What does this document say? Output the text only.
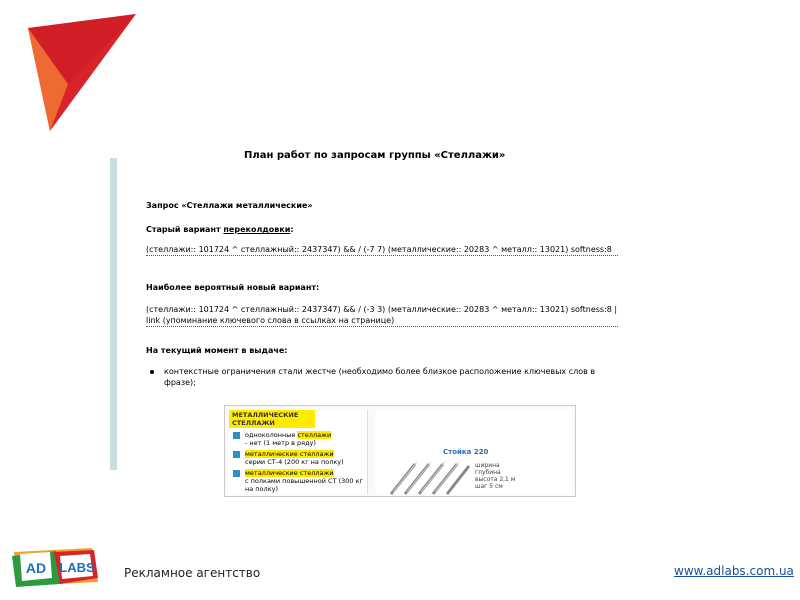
План работ по запросам группы «Стеллажи»
Запрос «Стеллажи металлические»
Старый вариант переколдовки:
(стеллажи:: 101724 ^ стеллажный:: 2437347) && / (-7 7) (металлические:: 20283 ^ металл:: 13021) softness:8
Наиболее вероятный новый вариант:
(стеллажи:: 101724 ^ стеллажный:: 2437347) && / (-3 3) (металлические:: 20283 ^ металл:: 13021) softness:8 | link (упоминание ключевого слова в ссылках на странице)
На текущий момент в выдаче:
контекстные ограничения стали жестче (необходимо более близкое расположение ключевых слов в фразе);
МЕТАЛЛИЧЕСКИЕ
СТЕЛЛАЖИ
одноколонные стеллажи
- нет (1 метр в ряду)
металлические стеллажи
серии СТ-4 (200 кг на полку)
металлические стеллажи
с полками повышенной СТ (300 кг на полку)
Стойка 220
ширина
глубина
высота 2,1 м
шаг 5 см
AD LABS Рекламное агентство	www.adlabs.com.ua
